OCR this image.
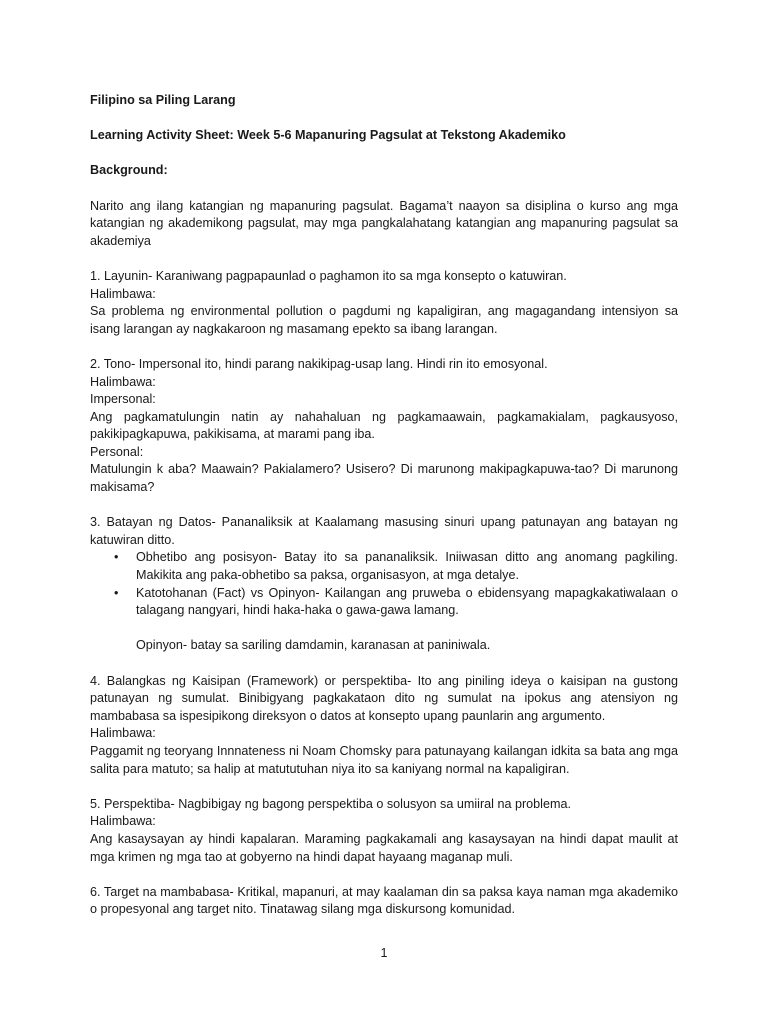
Filipino sa Piling Larang

Learning Activity Sheet: Week 5-6 Mapanuring Pagsulat at Tekstong Akademiko

Background:

Narito ang ilang katangian ng mapanuring pagsulat. Bagama’t naayon sa disiplina o kurso ang mga katangian ng akademikong pagsulat, may mga pangkalahatang katangian ang mapanuring pagsulat sa akademiya

1. Layunin- Karaniwang pagpapaunlad o paghamon ito sa mga konsepto o katuwiran.

Halimbawa:

Sa problema ng environmental pollution o pagdumi ng kapaligiran, ang magagandang intensiyon sa isang larangan ay nagkakaroon ng masamang epekto sa ibang larangan.

2. Tono- Impersonal ito, hindi parang nakikipag-usap lang. Hindi rin ito emosyonal.

Halimbawa:

Impersonal:

Ang pagkamatulungin natin ay nahahaluan ng pagkamaawain, pagkamakialam, pagkausyoso, pakikipagkapuwa, pakikisama, at marami pang iba.

Personal:

Matulungin k aba? Maawain? Pakialamero? Usisero? Di marunong makipagkapuwa-tao? Di marunong makisama?

3. Batayan ng Datos- Pananaliksik at Kaalamang masusing sinuri upang patunayan ang batayan ng katuwiran ditto.

• Obhetibo ang posisyon- Batay ito sa pananaliksik. Iniiwasan ditto ang anomang pagkiling. Makikita ang paka-obhetibo sa paksa, organisasyon, at mga detalye.
• Katotohanan (Fact) vs Opinyon- Kailangan ang pruweba o ebidensyang mapagkakatiwalaan o talagang nangyari, hindi haka-haka o gawa-gawa lamang.

Opinyon- batay sa sariling damdamin, karanasan at paniniwala.

4. Balangkas ng Kaisipan (Framework) or perspektiba- Ito ang piniling ideya o kaisipan na gustong patunayan ng sumulat. Binibigyang pagkakataon dito ng sumulat na ipokus ang atensiyon ng mambabasa sa ispesipikong direksyon o datos at konsepto upang paunlarin ang argumento.

Halimbawa:

Paggamit ng teoryang Innnateness ni Noam Chomsky para patunayang kailangan idkita sa bata ang mga salita para matuto; sa halip at matututuhan niya ito sa kaniyang normal na kapaligiran.

5. Perspektiba- Nagbibigay ng bagong perspektiba o solusyon sa umiiral na problema.

Halimbawa:

Ang kasaysayan ay hindi kapalaran. Maraming pagkakamali ang kasaysayan na hindi dapat maulit at mga krimen ng mga tao at gobyerno na hindi dapat hayaang maganap muli.

6. Target na mambabasa- Kritikal, mapanuri, at may kaalaman din sa paksa kaya naman mga akademiko o propesyonal ang target nito. Tinatawag silang mga diskursong komunidad.

1
